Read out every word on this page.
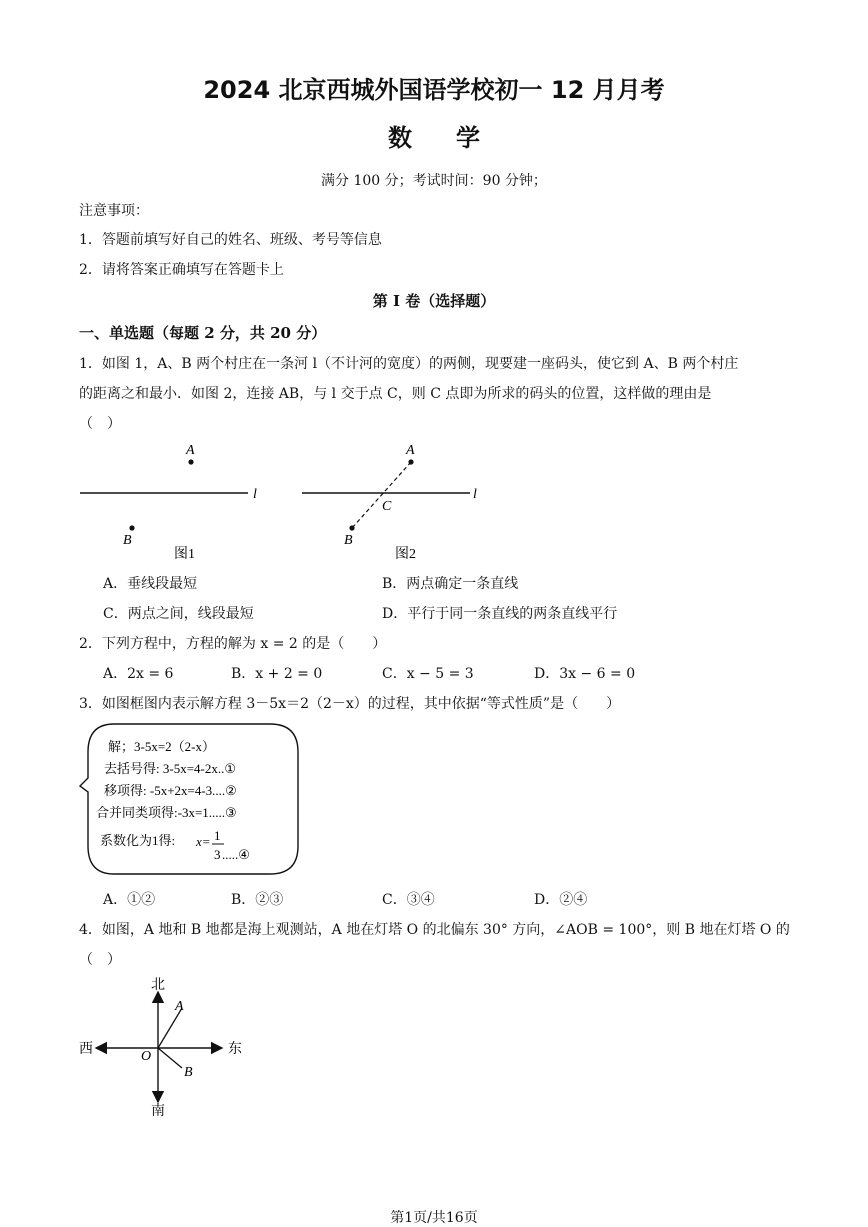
2024 北京西城外国语学校初一 12 月月考
数学
满分 100 分；考试时间：90 分钟；
注意事项：
1．答题前填写好自己的姓名、班级、考号等信息
2．请将答案正确填写在答题卡上
第 I 卷（选择题）
一、单选题（每题 2 分，共 20 分）
1．如图 1，A、B 两个村庄在一条河 l（不计河的宽度）的两侧，现要建一座码头，使它到 A、B 两个村庄
的距离之和最小．如图 2，连接 AB，与 l 交于点 C，则 C 点即为所求的码头的位置，这样做的理由是
（　）
A
B
l
图1
A
B
C
l
图2
A．垂线段最短	B．两点确定一条直线
C．两点之间，线段最短	D．平行于同一条直线的两条直线平行
2．下列方程中，方程的解为 x = 2 的是（　　）
A．2x = 6	B．x + 2 = 0	C．x − 5 = 3	D．3x − 6 = 0
3．如图框图内表示解方程 3－5x＝2（2－x）的过程，其中依据“等式性质”是（　　）
解；3-5x=2（2-x）
去括号得: 3-5x=4-2x..①
移项得: -5x+2x=4-3....②
合并同类项得:-3x=1.....③
系数化为1得: x= 1
3 .....④
A．①②	B．②③	C．③④	D．②④
4．如图，A 地和 B 地都是海上观测站，A 地在灯塔 O 的北偏东 30° 方向，∠AOB = 100°，则 B 地在灯塔 O 的
（　）
北
南
西	东
O
A
B
第1页/共16页
